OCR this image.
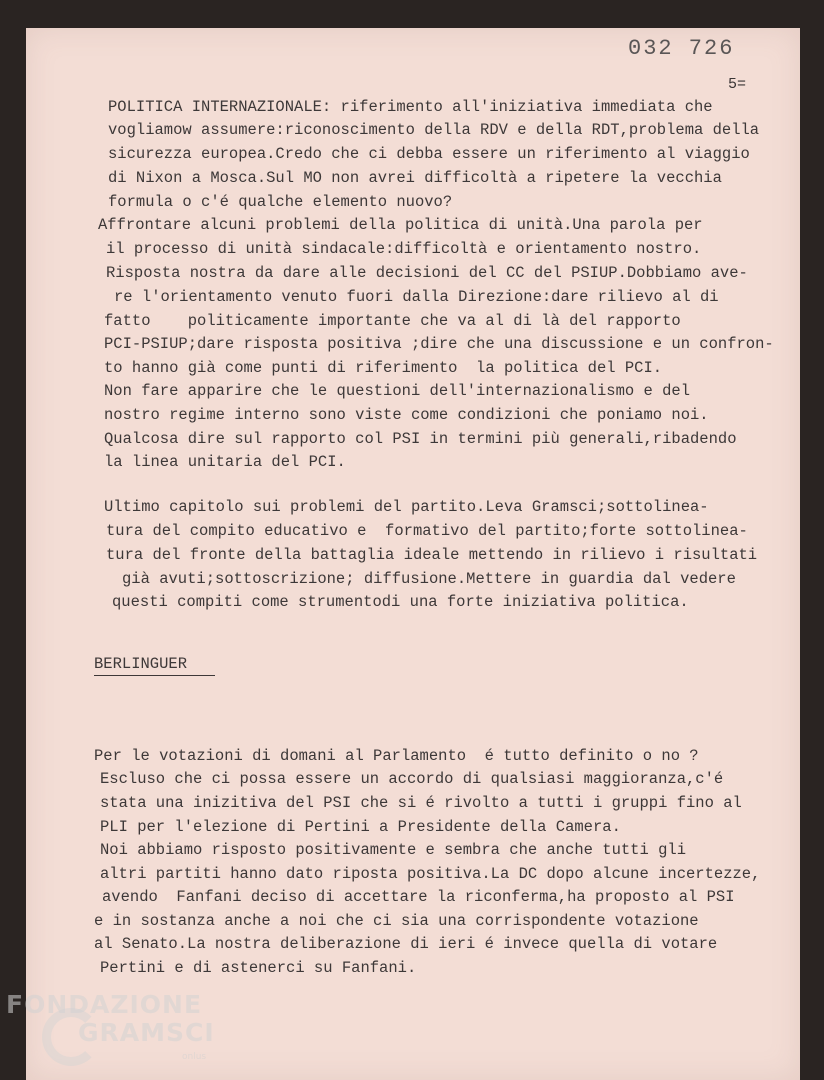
032 726
5=
POLITICA INTERNAZIONALE: riferimento all'iniziativa immediata che
vogliamow assumere:riconoscimento della RDV e della RDT,problema della
sicurezza europea.Credo che ci debba essere un riferimento al viaggio
di Nixon a Mosca.Sul MO non avrei difficoltà a ripetere la vecchia
formula o c'é qualche elemento nuovo?
Affrontare alcuni problemi della politica di unità.Una parola per
il processo di unità sindacale:difficoltà e orientamento nostro.
Risposta nostra da dare alle decisioni del CC del PSIUP.Dobbiamo ave-
re l'orientamento venuto fuori dalla Direzione:dare rilievo al di
fatto    politicamente importante che va al di là del rapporto
PCI-PSIUP;dare risposta positiva ;dire che una discussione e un confron-
to hanno già come punti di riferimento  la politica del PCI.
Non fare apparire che le questioni dell'internazionalismo e del
nostro regime interno sono viste come condizioni che poniamo noi.
Qualcosa dire sul rapporto col PSI in termini più generali,ribadendo
la linea unitaria del PCI.
Ultimo capitolo sui problemi del partito.Leva Gramsci;sottolinea-
tura del compito educativo e  formativo del partito;forte sottolinea-
tura del fronte della battaglia ideale mettendo in rilievo i risultati
già avuti;sottoscrizione; diffusione.Mettere in guardia dal vedere
questi compiti come strumentodi una forte iniziativa politica.
BERLINGUER
Per le votazioni di domani al Parlamento  é tutto definito o no ?
Escluso che ci possa essere un accordo di qualsiasi maggioranza,c'é
stata una inizitiva del PSI che si é rivolto a tutti i gruppi fino al
PLI per l'elezione di Pertini a Presidente della Camera.
Noi abbiamo risposto positivamente e sembra che anche tutti gli
altri partiti hanno dato riposta positiva.La DC dopo alcune incertezze,
avendo  Fanfani deciso di accettare la riconferma,ha proposto al PSI
e in sostanza anche a noi che ci sia una corrispondente votazione
al Senato.La nostra deliberazione di ieri é invece quella di votare
Pertini e di astenerci su Fanfani.
FONDAZIONE
GRAMSCI
onlus
